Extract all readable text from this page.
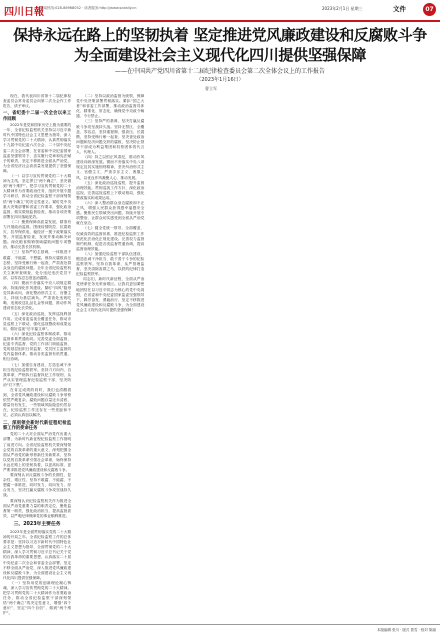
四川日報
新闻热线:028-86968052 · 读者服务:http://www.scdaily.cn	2023年2月1日 星期三	文件	07
保持永远在路上的坚韧执着 坚定推进党风廉政建设和反腐败斗争
为全面建设社会主义现代化四川提供坚强保障
——在中国共产党四川省第十二届纪律检查委员会第二次全体会议上的工作报告
（2023年1月16日）
曹立军

现在，我代表四川省第十二届纪律检查委员会常务委员会向第二次全会作工作报告，请予审议。

一、省纪委十二届一次全会以来工作回顾

2022年是党和国家历史上极为重要的一年，全省纪检监察机关坚持以习近平新时代中国特色社会主义思想为指导，深入学习贯彻党的二十大精神，认真贯彻落实十九届中央纪委六次全会、二十届中央纪委二次全会部署，在省委和中央纪委国家监委坚强领导下，忠实履行党章和宪法赋予的职责，坚定不移推进全面从严治党，为全省经济社会高质量发展提供了坚强保障。

（一）以学习宣传贯彻党的二十大精神为主线，坚定捍卫“两个确立”、坚决做到“两个维护”。把学习宣传贯彻党的二十大精神作为首要政治任务，组织开展专题学习研讨，推动全省纪检监察干部深刻领悟“两个确立”的决定性意义。紧盯党中央重大决策部署和省委工作要求，强化政治监督，做实做细监督检查，推动各项决策部署在四川落地见效。

（二）聚焦保障高质量发展，精准有力开展政治监督。围绕疫情防控、抗震救灾、抗旱保供电、稳经济一揽子政策落实等，开展监督检查，发现并推动解决问题。深化粮食购销领域腐败问题专项整治，推动完善长效机制。

（三）坚持严的主基调，一体推进不敢腐、不能腐、不想腐。保持反腐败高压态势，坚持受贿行贿一起查，严肃查处群众身边的腐败问题。全年全省纪检监察机关立案审查调查，处分违纪违法党员干部，以零容忍态度惩治腐败。

（四）锲而不舍落实中央八项规定精神，持续深化作风建设。紧盯“四风”隐形变异新动向，深化整治形式主义、官僚主义，持续为基层减负。严肃查处违规吃喝、违规收送礼品礼金等问题，推动作风建设常态化长效化。

（五）深化政治巡视，发挥巡视利剑作用。完成省委巡视全覆盖任务，推动市县巡察上下联动，强化巡视整改和成果运用，做好巡视“后半篇文章”。

（六）深化纪检监察体制改革，推动监督体系贯通协同。完善党委全面监督、纪委专责监督、党的工作部门职能监督、党的基层组织日常监督、党员民主监督的党内监督体系，推动各类监督有机贯通、相互协调。

（七）加强自身建设，打造忠诚干净担当的纪检监察铁军。坚持刀刃向内、自我革命，严格执行监督执纪工作规则，从严从实管理监督纪检监察干部，坚决防治“灯下黑”。

在肯定成绩的同时，我们也清醒看到，全省党风廉政建设和反腐败斗争形势依然严峻复杂，腐败问题存量还未清底、增量仍有发生，一些领域风险隐患仍然存在，纪检监察工作还存在一些差距和不足，必须认真加以解决。

二、深刻领会新时代新征程纪检监察工作的使命任务

党的二十大对全面从严治党作出重大部署，为新时代新征程纪检监察工作指明了前进方向。全省纪检监察机关要深刻领会党的自我革命的重大意义，深刻把握全面从严治党的新形势新任务新要求，坚持以党的自我革命引领社会革命，始终保持永远在路上的坚韧执着，以更高标准、更严要求推进党风廉政建设和反腐败斗争。

要深刻认识反腐败斗争的长期性、复杂性、艰巨性，坚持不敢腐、不能腐、不想腐一体推进，同时发力、同向发力、综合发力，坚决打赢反腐败斗争攻坚战持久战。

要深刻认识纪检监察机关作为推进全面从严治党重要力量的职责定位，聚焦监督第一职责，强化政治担当，提高监督质效，以严明纪律保障党的事业顺利推进。

三、2023年主要任务

2023年是全面贯彻落实党的二十大精神的开局之年。全省纪检监察工作的总体要求是：坚持以习近平新时代中国特色社会主义思想为指导，全面贯彻党的二十大精神，深入学习贯彻习近平总书记关于党的自我革命的重要思想，认真落实二十届中央纪委二次全会和省委全会部署，坚定不移全面从严治党，深入推进党风廉政建设和反腐败斗争，为全面建设社会主义现代化四川提供坚强保障。

（一）坚持用党的创新理论凝心铸魂，深入学习宣传贯彻党的二十大精神。把学习贯彻党的二十大精神作为首要政治任务，推动全省纪检监察干部深刻领悟“两个确立”的决定性意义，增强“四个意识”、坚定“四个自信”、做到“两个维护”。

（二）坚持以政治监督为统领，保障党中央决策部署贯彻落实。紧扣“国之大者”和省委工作部署，推动政治监督具体化、精准化、常态化，确保党中央政令畅通、令行禁止。

（三）坚持严的基调，坚决打赢反腐败斗争攻坚战持久战。坚持无禁区、全覆盖、零容忍，坚持重遏制、强高压、长震慑，坚持受贿行贿一起查，坚决查处政治问题和经济问题交织的腐败，坚决防止领导干部成为利益集团和权势团体的代言人、代理人。

（四）持之以恒正风肃纪，推动作风建设向纵深发展。锲而不舍落实中央八项规定及其实施细则精神，坚决纠治形式主义、官僚主义，严查享乐主义、奢靡之风，以优良作风凝聚人心、推动发展。

（五）深化政治巡视巡察，提升监督治理效能。贯彻巡视工作方针，深化政治巡视，完善巡视巡察上下联动格局，强化整改落实和成果运用。

（六）深入整治群众身边腐败和不正之风，增强人民群众获得感幸福感安全感。聚焦民生领域突出问题，持续开展专项整治，让群众切实感受到全面从严治党就在身边。

（七）健全党统一领导、全面覆盖、权威高效的监督体系，推进纪检监察工作规范化法治化正规化建设。完善权力监督制约机制，促进各类监督贯通协调，提高监督治理效能。

（八）加强纪检监察干部队伍建设，锻造忠诚干净担当、敢于善于斗争的纪检监察铁军。坚持自我革命，从严管理监督，坚决清除害群之马，以铁的纪律打造纪检监察铁军。

同志们，新时代新征程，全面从严治党使命任务光荣而艰巨。让我们更加紧密地团结在以习近平同志为核心的党中央周围，在省委和中央纪委国家监委坚强领导下，踔厉奋发、勇毅前行，坚定不移推进党风廉政建设和反腐败斗争，为全面建设社会主义现代化四川提供坚强保障！

本版编辑 张川 · 版式 曾雪 · 校对 陈丽
